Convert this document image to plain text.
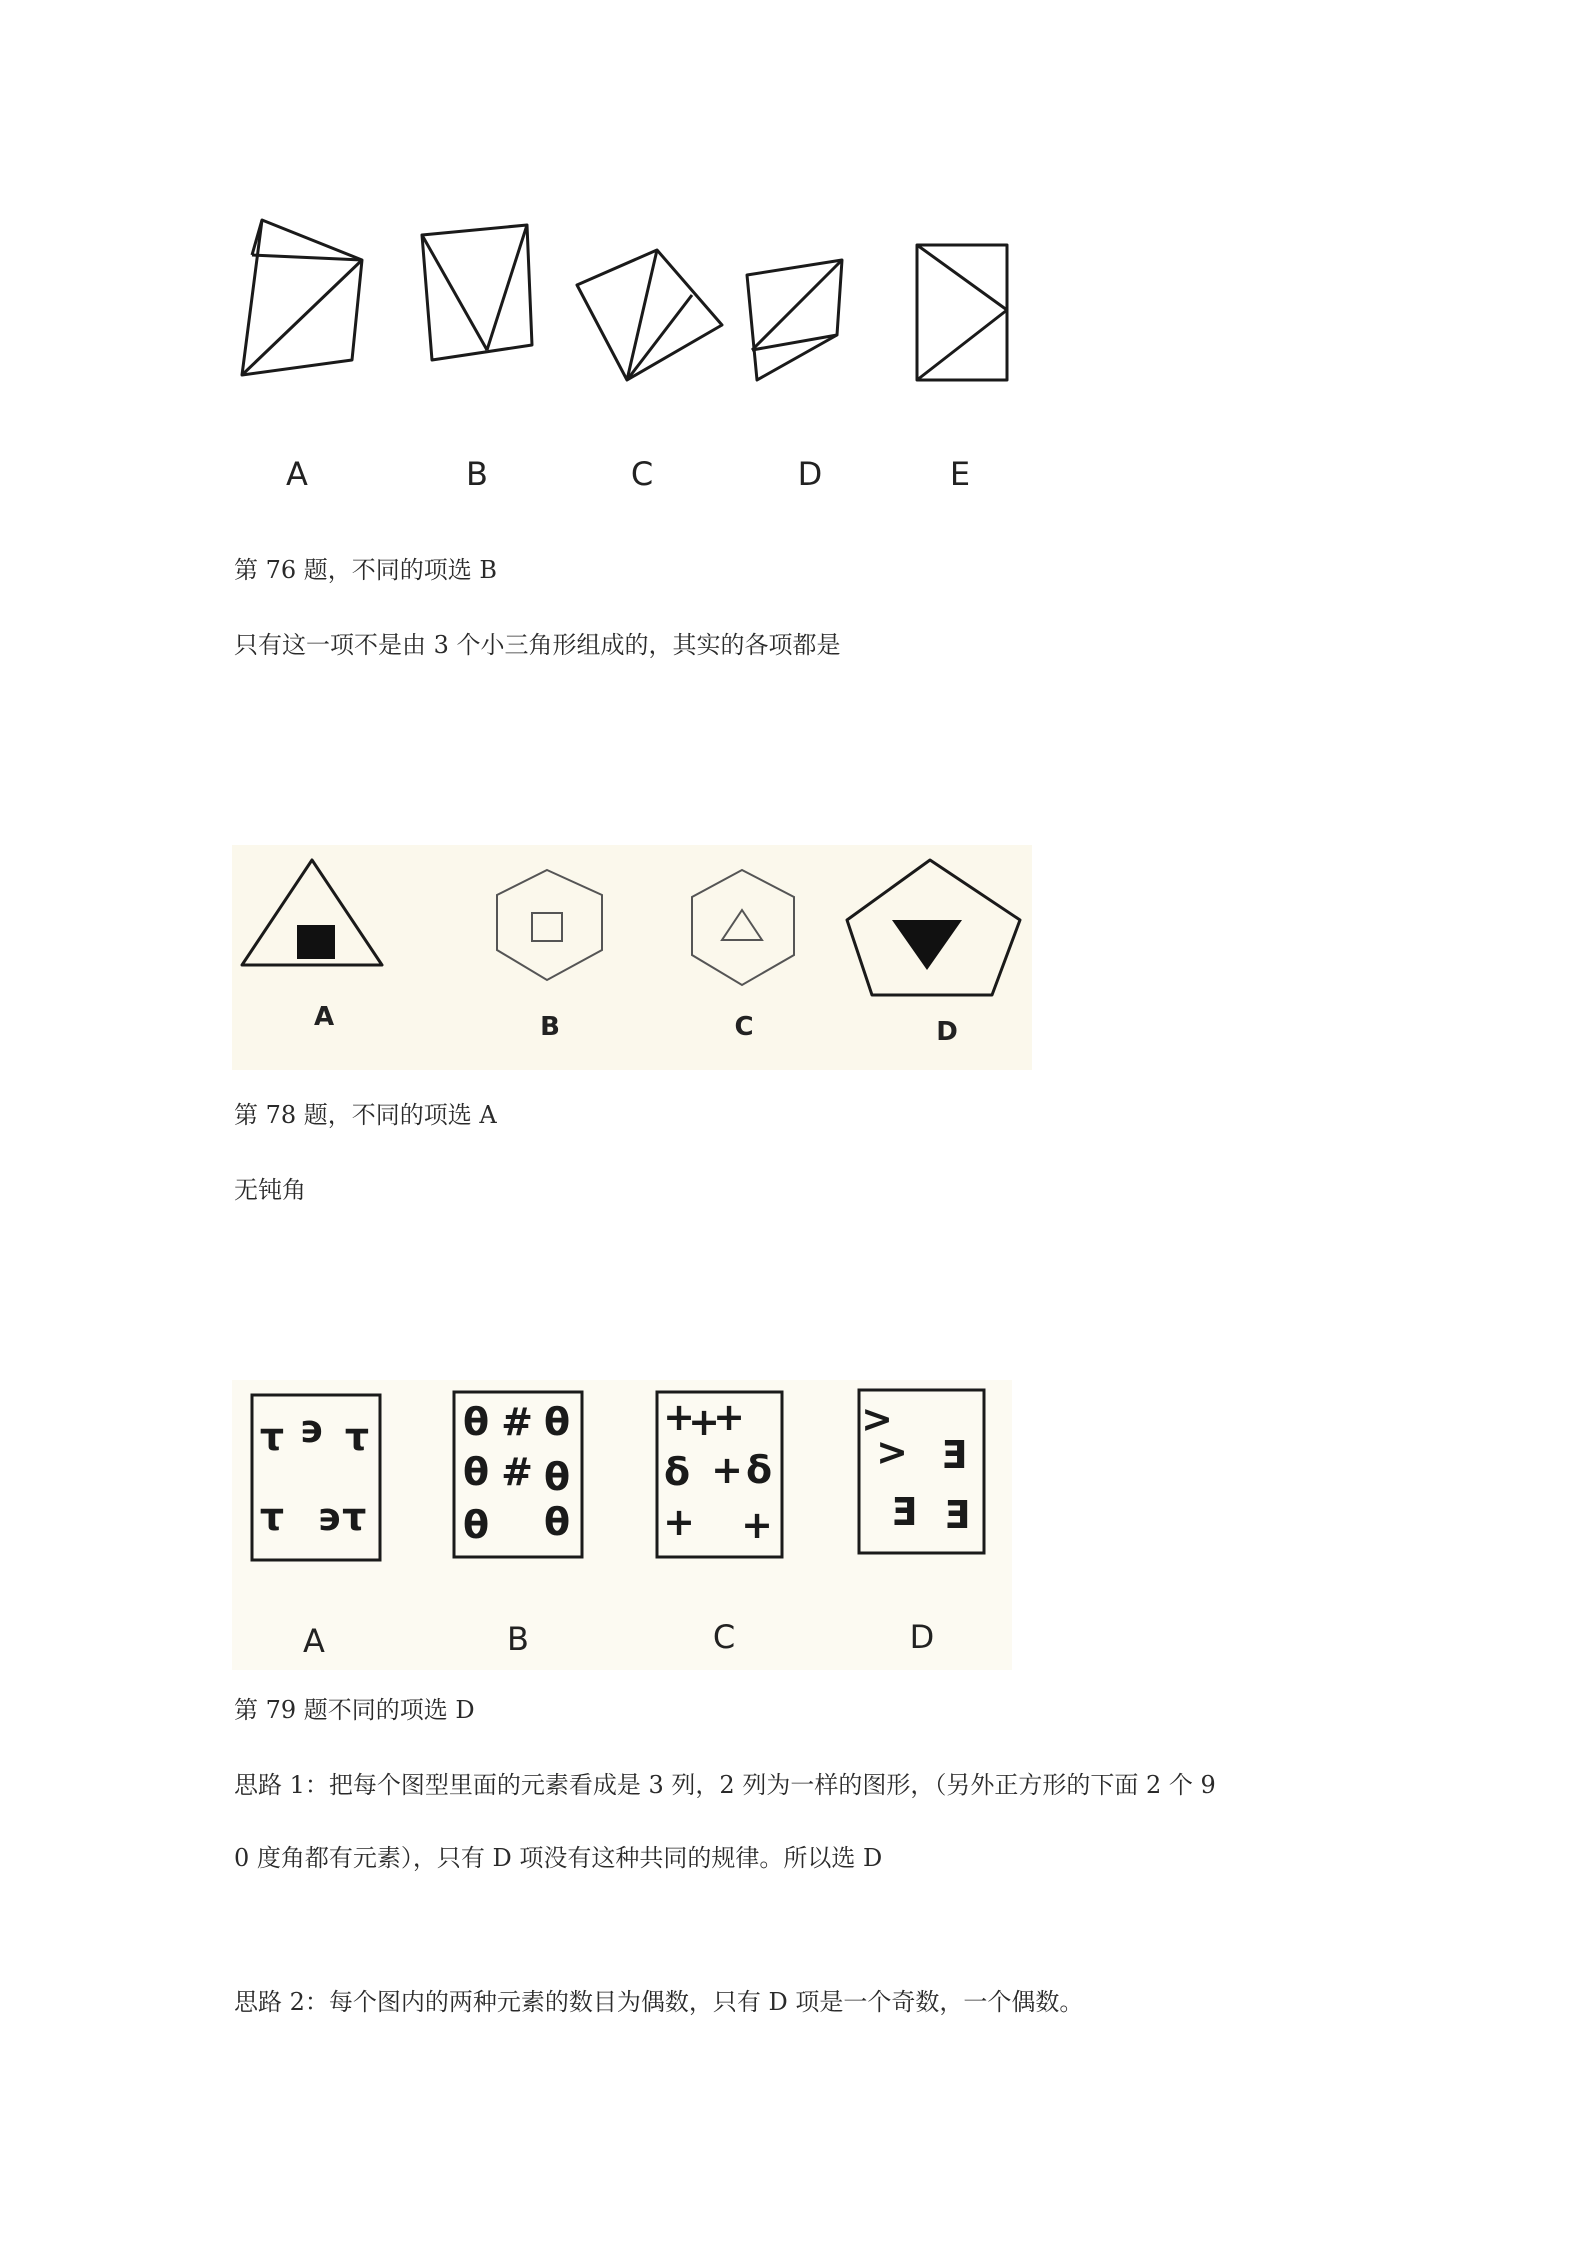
A	B	C	D	E
第 76 题，不同的项选 B
只有这一项不是由 3 个小三角形组成的，其实的各项都是
A	B	C	D
第 78 题，不同的项选 A
无钝角
τ ϶ τ
τ ϶τ
θ # θ
θ # θ
θ θ
+
+
+
δ + δ
+ +
>
> Ǝ
Ǝ Ǝ
A	B	C	D
第 79 题不同的项选 D
思路 1：把每个图型里面的元素看成是 3 列，2 列为一样的图形，（另外正方形的下面 2 个 9
0 度角都有元素），只有 D 项没有这种共同的规律。所以选 D
思路 2：每个图内的两种元素的数目为偶数，只有 D 项是一个奇数，一个偶数。
